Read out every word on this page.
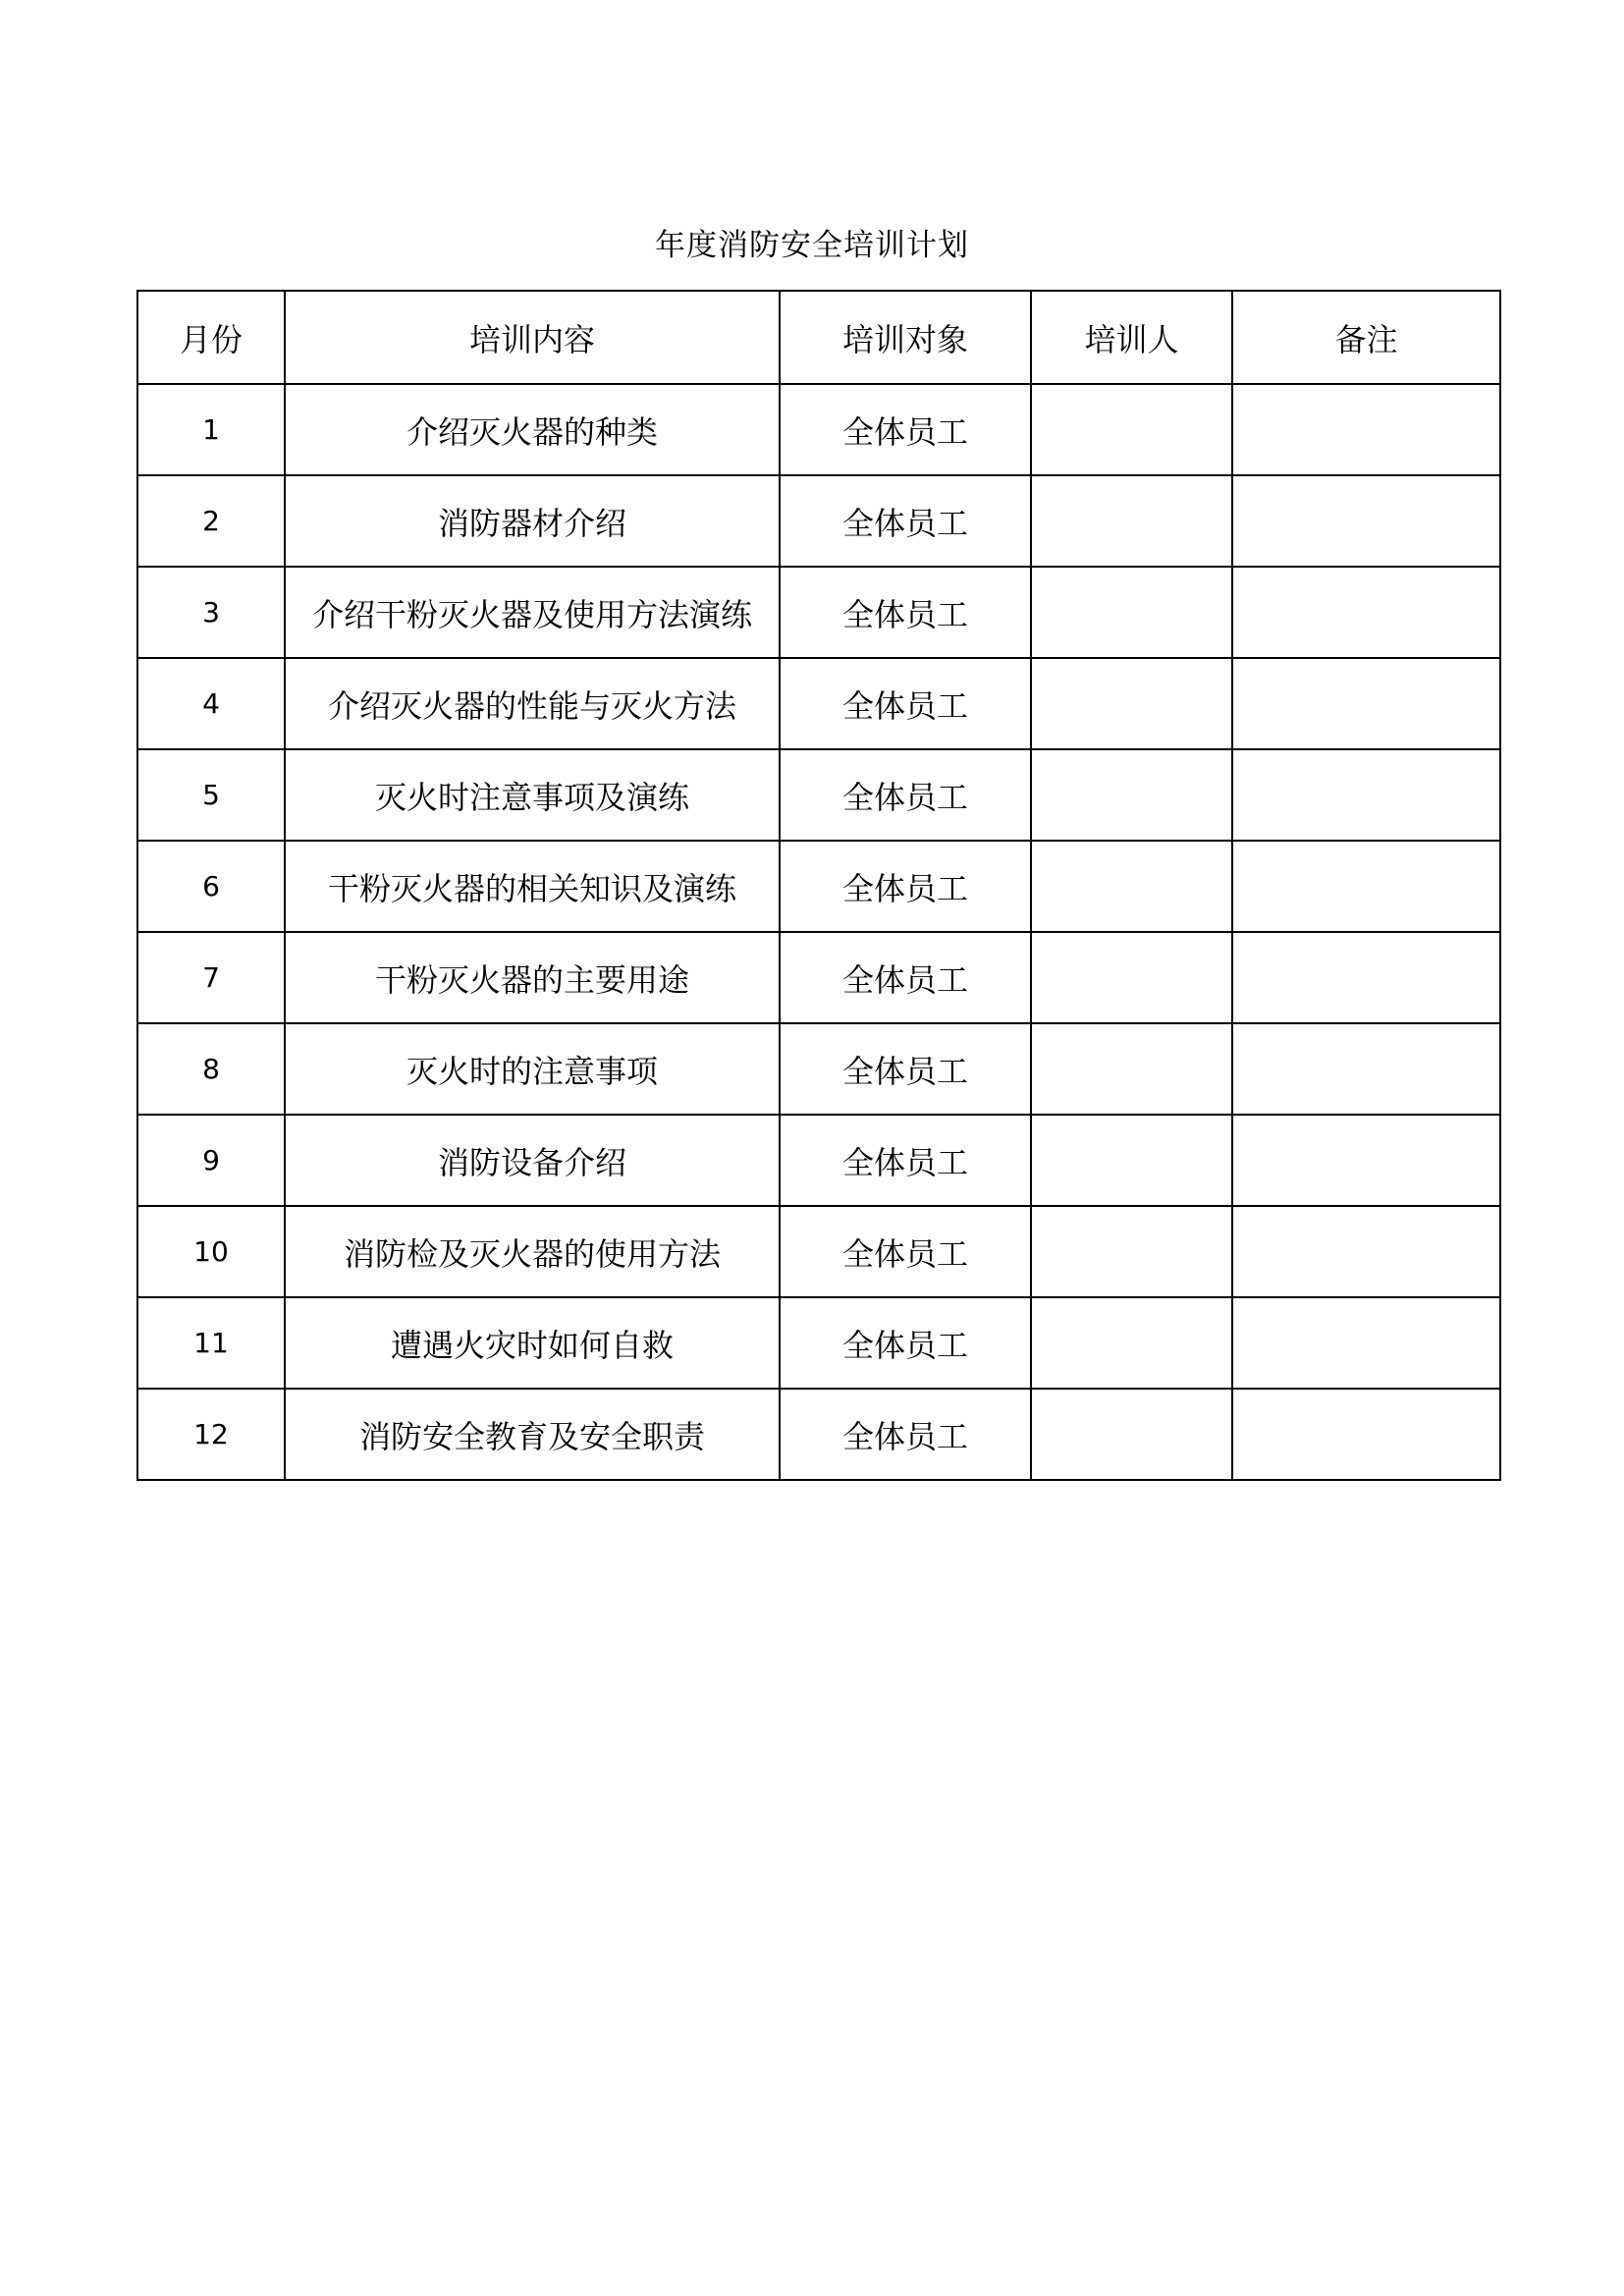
年度消防安全培训计划
月份	培训内容	培训对象	培训人	备注
1	介绍灭火器的种类	全体员工		
2	消防器材介绍	全体员工		
3	介绍干粉灭火器及使用方法演练	全体员工		
4	介绍灭火器的性能与灭火方法	全体员工		
5	灭火时注意事项及演练	全体员工		
6	干粉灭火器的相关知识及演练	全体员工		
7	干粉灭火器的主要用途	全体员工		
8	灭火时的注意事项	全体员工		
9	消防设备介绍	全体员工		
10	消防检及灭火器的使用方法	全体员工		
11	遭遇火灾时如何自救	全体员工		
12	消防安全教育及安全职责	全体员工		
